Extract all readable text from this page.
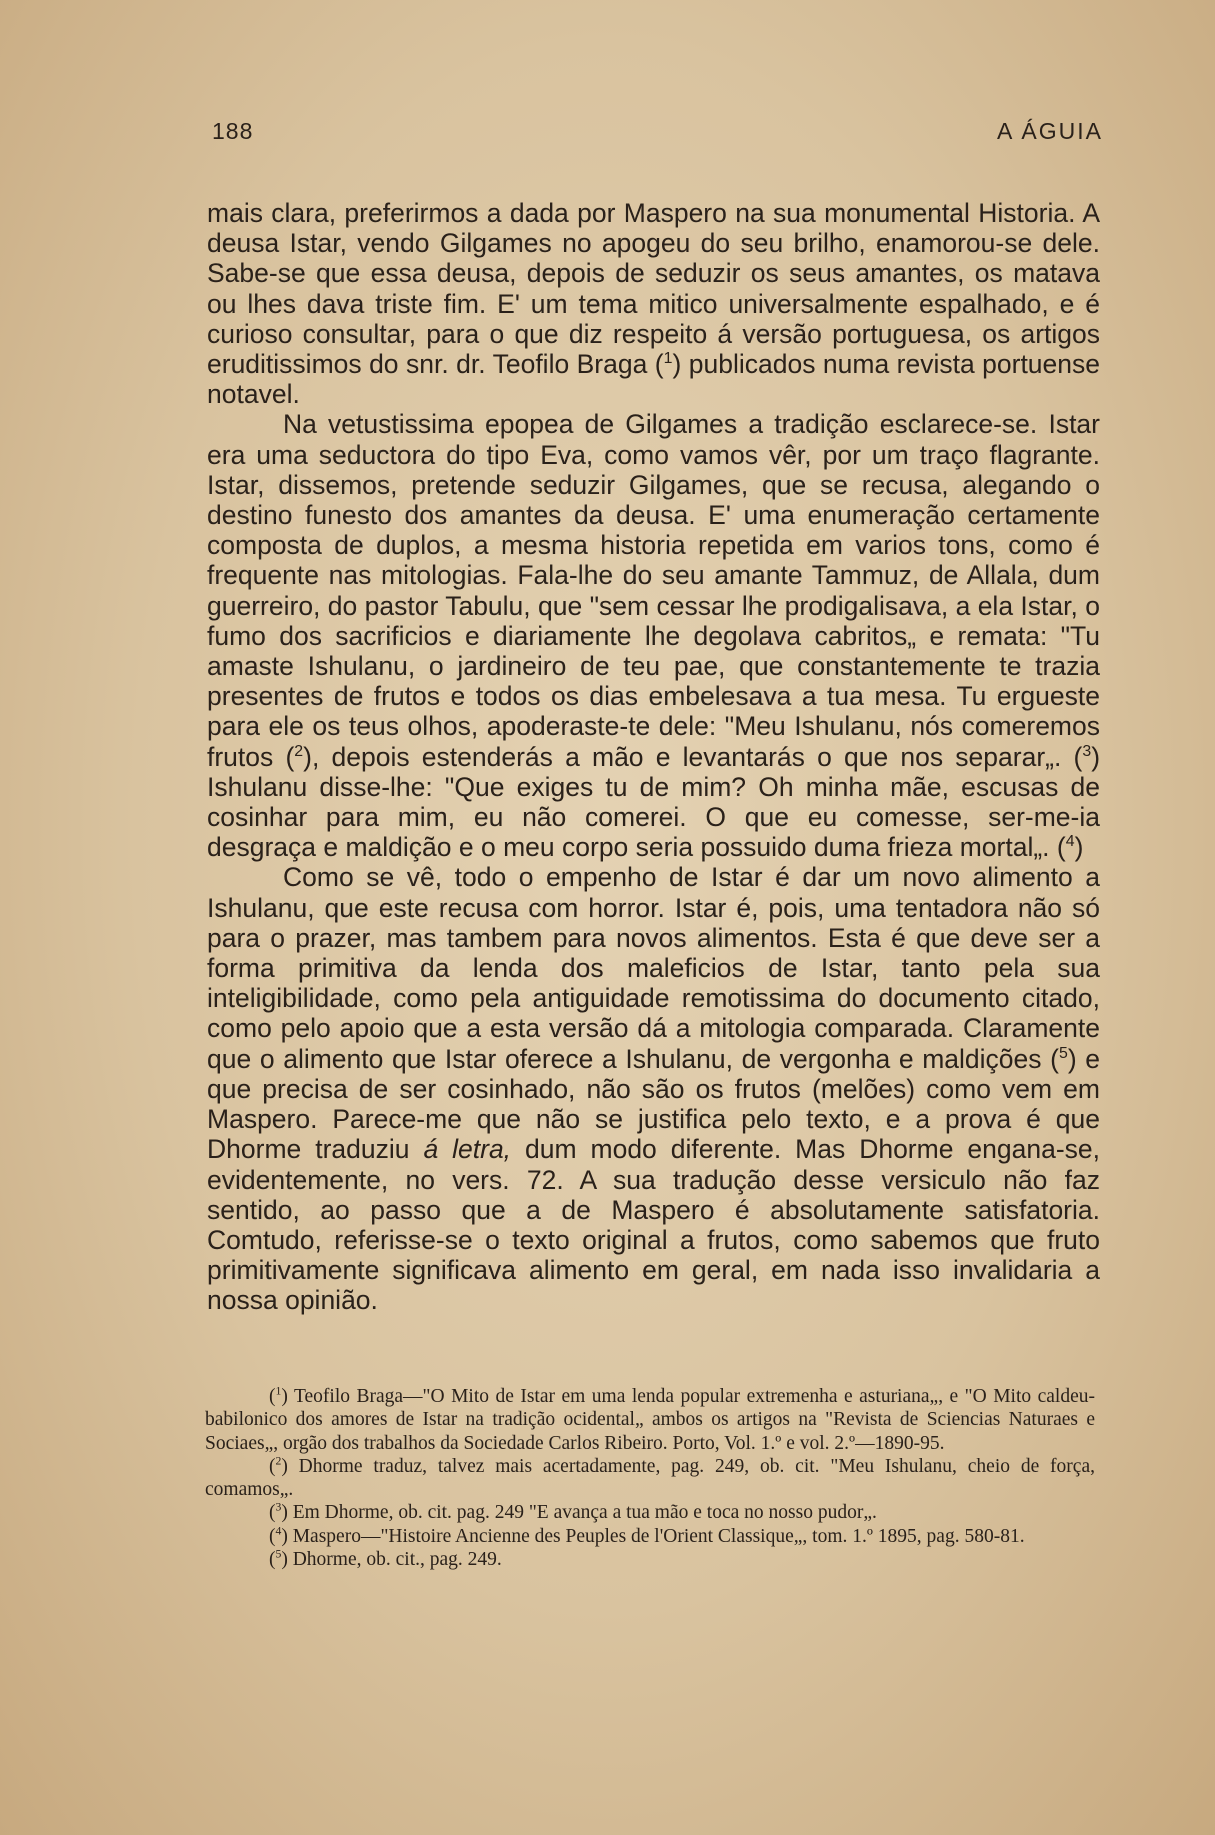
188	A ÁGUIA

mais clara, preferirmos a dada por Maspero na sua monumental Historia. A deusa Istar, vendo Gilgames no apogeu do seu brilho, enamorou-se dele. Sabe-se que essa deusa, depois de seduzir os seus amantes, os matava ou lhes dava triste fim. E' um tema mitico universalmente espalhado, e é curioso consultar, para o que diz respeito á versão portuguesa, os artigos eruditissimos do snr. dr. Teofilo Braga ($^1$) publicados numa revista portuense notavel.

Na vetustissima epopea de Gilgames a tradição esclarece-se. Istar era uma seductora do tipo Eva, como vamos vêr, por um traço flagrante. Istar, dissemos, pretende seduzir Gilgames, que se recusa, alegando o destino funesto dos amantes da deusa. E' uma enumeração certamente composta de duplos, a mesma historia repetida em varios tons, como é frequente nas mitologias. Fala-lhe do seu amante Tammuz, de Allala, dum guerreiro, do pastor Tabulu, que "sem cessar lhe prodigalisava, a ela Istar, o fumo dos sacrificios e diariamente lhe degolava cabritos„ e remata: "Tu amaste Ishulanu, o jardineiro de teu pae, que constantemente te trazia presentes de frutos e todos os dias embelesava a tua mesa. Tu ergueste para ele os teus olhos, apoderaste-te dele: "Meu Ishulanu, nós comeremos frutos ($^2$), depois estenderás a mão e levantarás o que nos separar„. ($^3$) Ishulanu disse-lhe: "Que exiges tu de mim? Oh minha mãe, escusas de cosinhar para mim, eu não comerei. O que eu comesse, ser-me-ia desgraça e maldição e o meu corpo seria possuido duma frieza mortal„. ($^4$)

Como se vê, todo o empenho de Istar é dar um novo alimento a Ishulanu, que este recusa com horror. Istar é, pois, uma tentadora não só para o prazer, mas tambem para novos alimentos. Esta é que deve ser a forma primitiva da lenda dos maleficios de Istar, tanto pela sua inteligibilidade, como pela antiguidade remotissima do documento citado, como pelo apoio que a esta versão dá a mitologia comparada. Claramente que o alimento que Istar oferece a Ishulanu, de vergonha e maldições ($^5$) e que precisa de ser cosinhado, não são os frutos (melões) como vem em Maspero. Parece-me que não se justifica pelo texto, e a prova é que Dhorme traduziu á letra, dum modo diferente. Mas Dhorme engana-se, evidentemente, no vers. 72. A sua tradução desse versiculo não faz sentido, ao passo que a de Maspero é absolutamente satisfatoria. Comtudo, referisse-se o texto original a frutos, como sabemos que fruto primitivamente significava alimento em geral, em nada isso invalidaria a nossa opinião.

($^1$) Teofilo Braga—"O Mito de Istar em uma lenda popular extremenha e asturiana„, e "O Mito caldeu-babilonico dos amores de Istar na tradição ocidental„ ambos os artigos na "Revista de Sciencias Naturaes e Sociaes„, orgão dos trabalhos da Sociedade Carlos Ribeiro. Porto, Vol. 1.º e vol. 2.º—1890-95.

($^2$) Dhorme traduz, talvez mais acertadamente, pag. 249, ob. cit. "Meu Ishulanu, cheio de força, comamos„.

($^3$) Em Dhorme, ob. cit. pag. 249 "E avança a tua mão e toca no nosso pudor„.

($^4$) Maspero—"Histoire Ancienne des Peuples de l'Orient Classique„, tom. 1.º 1895, pag. 580-81.

($^5$) Dhorme, ob. cit., pag. 249.
